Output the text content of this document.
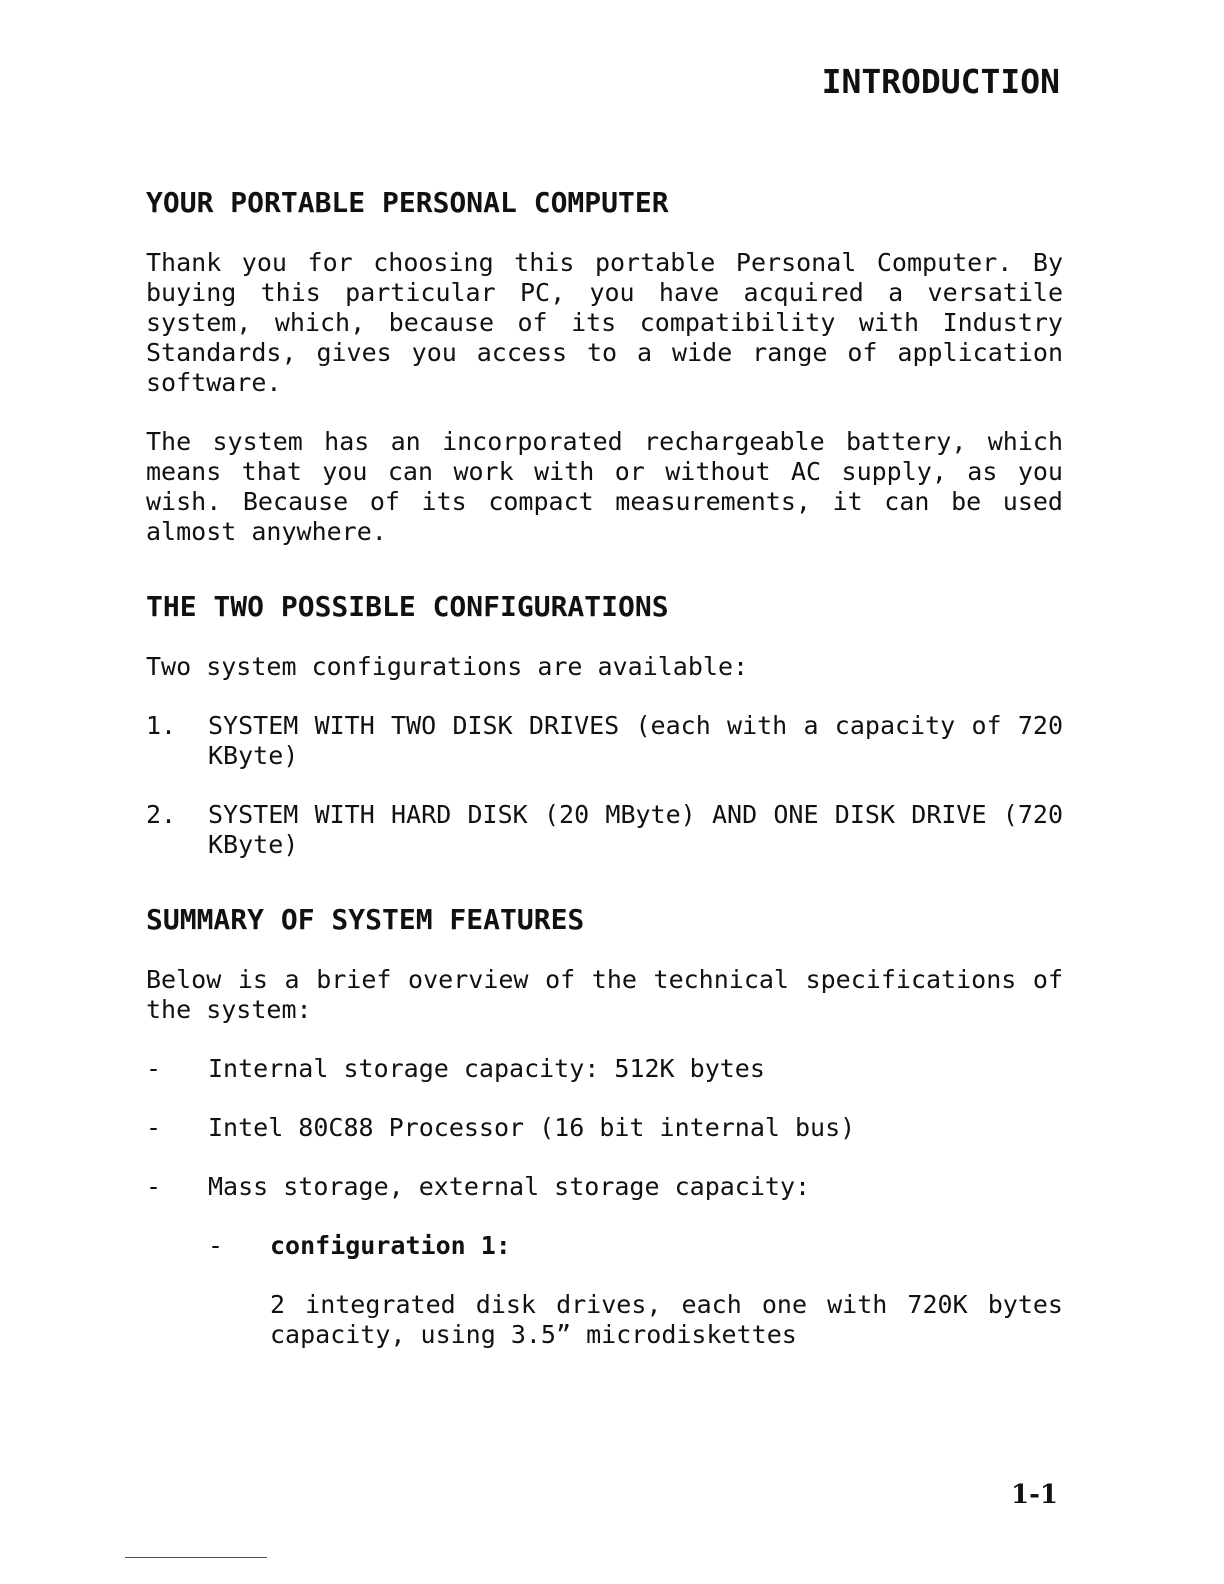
INTRODUCTION
YOUR PORTABLE PERSONAL COMPUTER

Thank you for choosing this portable Personal Computer. By buying this particular PC, you have acquired a versatile system, which, because of its compatibility with Industry Standards, gives you access to a wide range of application software.

The system has an incorporated rechargeable battery, which means that you can work with or without AC supply, as you wish. Because of its compact measurements, it can be used almost anywhere.

THE TWO POSSIBLE CONFIGURATIONS

Two system configurations are available:

1.	SYSTEM WITH TWO DISK DRIVES (each with a capacity of 720 KByte)
2.	SYSTEM WITH HARD DISK (20 MByte) AND ONE DISK DRIVE (720 KByte)
SUMMARY OF SYSTEM FEATURES

Below is a brief overview of the technical specifications of the system:

-	Internal storage capacity: 512K bytes
-	Intel 80C88 Processor (16 bit internal bus)
-	Mass storage, external storage capacity:
-	configuration 1:
2 integrated disk drives, each one with 720K bytes capacity, using 3.5” microdiskettes

1-1
